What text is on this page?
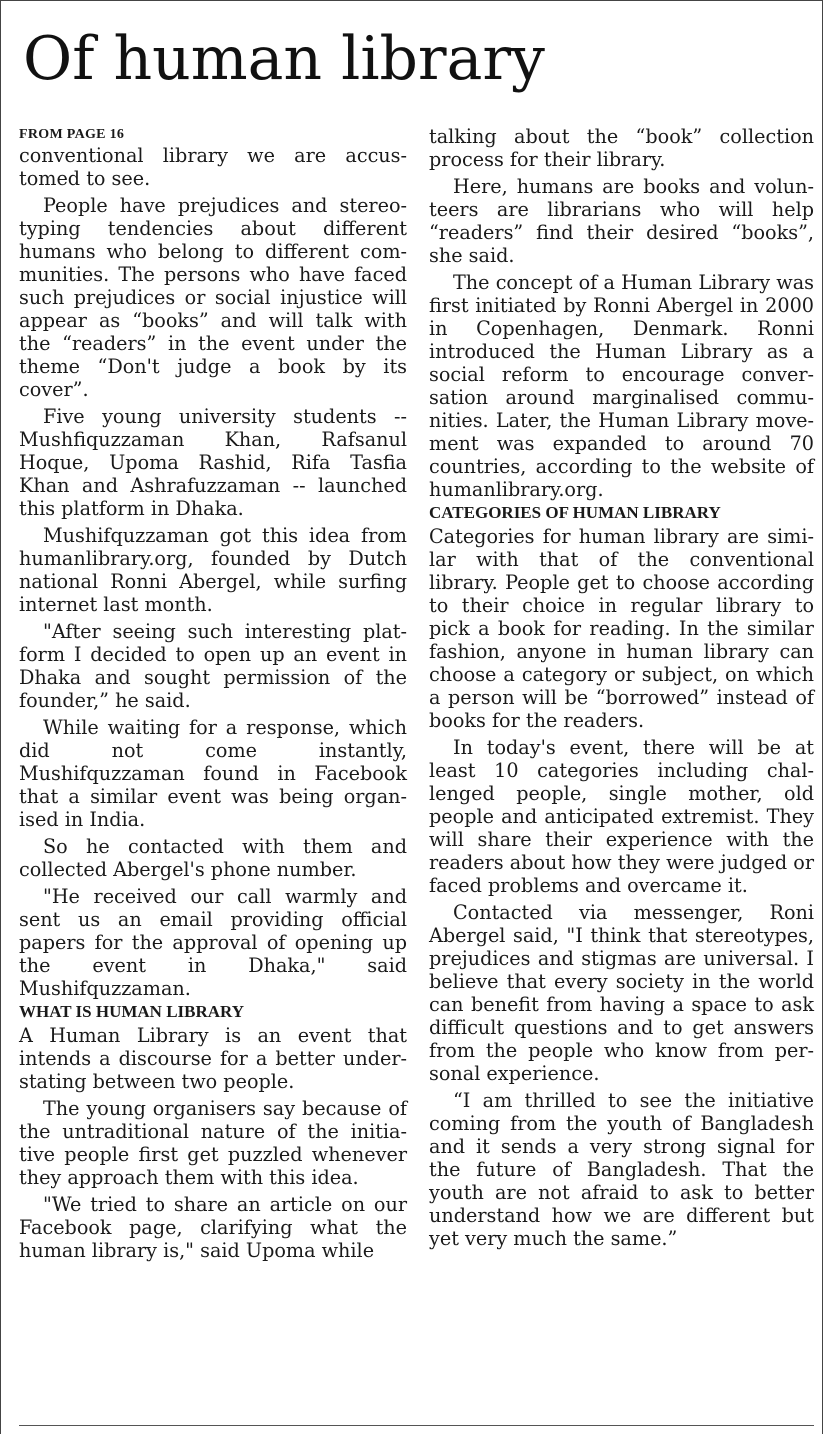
Of human library
FROM PAGE 16

conventional library we are accustomed to see.

People have prejudices and stereotyping tendencies about different humans who belong to different communities. The persons who have faced such prejudices or social injustice will appear as “books” and will talk with the “readers” in the event under the theme “Don't judge a book by its cover”.

Five young university students -- Mushfiquzzaman Khan, Rafsanul Hoque, Upoma Rashid, Rifa Tasfia Khan and Ashrafuzzaman -- launched this platform in Dhaka.

Mushifquzzaman got this idea from humanlibrary.org, founded by Dutch national Ronni Abergel, while surfing internet last month.

"After seeing such interesting platform I decided to open up an event in Dhaka and sought permission of the founder,” he said.

While waiting for a response, which did not come instantly, Mushifquzzaman found in Facebook that a similar event was being organised in India.

So he contacted with them and collected Abergel's phone number.

"He received our call warmly and sent us an email providing official papers for the approval of opening up the event in Dhaka," said Mushifquzzaman.

WHAT IS HUMAN LIBRARY

A Human Library is an event that intends a discourse for a better understating between two people.

The young organisers say because of the untraditional nature of the initiative people first get puzzled whenever they approach them with this idea.

"We tried to share an article on our Facebook page, clarifying what the human library is," said Upoma while

talking about the “book” collection process for their library.

Here, humans are books and volunteers are librarians who will help “readers” find their desired “books”, she said.

The concept of a Human Library was first initiated by Ronni Abergel in 2000 in Copenhagen, Denmark. Ronni introduced the Human Library as a social reform to encourage conversation around marginalised communities. Later, the Human Library movement was expanded to around 70 countries, according to the website of humanlibrary.org.

CATEGORIES OF HUMAN LIBRARY

Categories for human library are similar with that of the conventional library. People get to choose according to their choice in regular library to pick a book for reading. In the similar fashion, anyone in human library can choose a category or subject, on which a person will be “borrowed” instead of books for the readers.

In today's event, there will be at least 10 categories including challenged people, single mother, old people and anticipated extremist. They will share their experience with the readers about how they were judged or faced problems and overcame it.

Contacted via messenger, Roni Abergel said, "I think that stereotypes, prejudices and stigmas are universal. I believe that every society in the world can benefit from having a space to ask difficult questions and to get answers from the people who know from personal experience.

“I am thrilled to see the initiative coming from the youth of Bangladesh and it sends a very strong signal for the future of Bangladesh. That the youth are not afraid to ask to better understand how we are different but yet very much the same.”
